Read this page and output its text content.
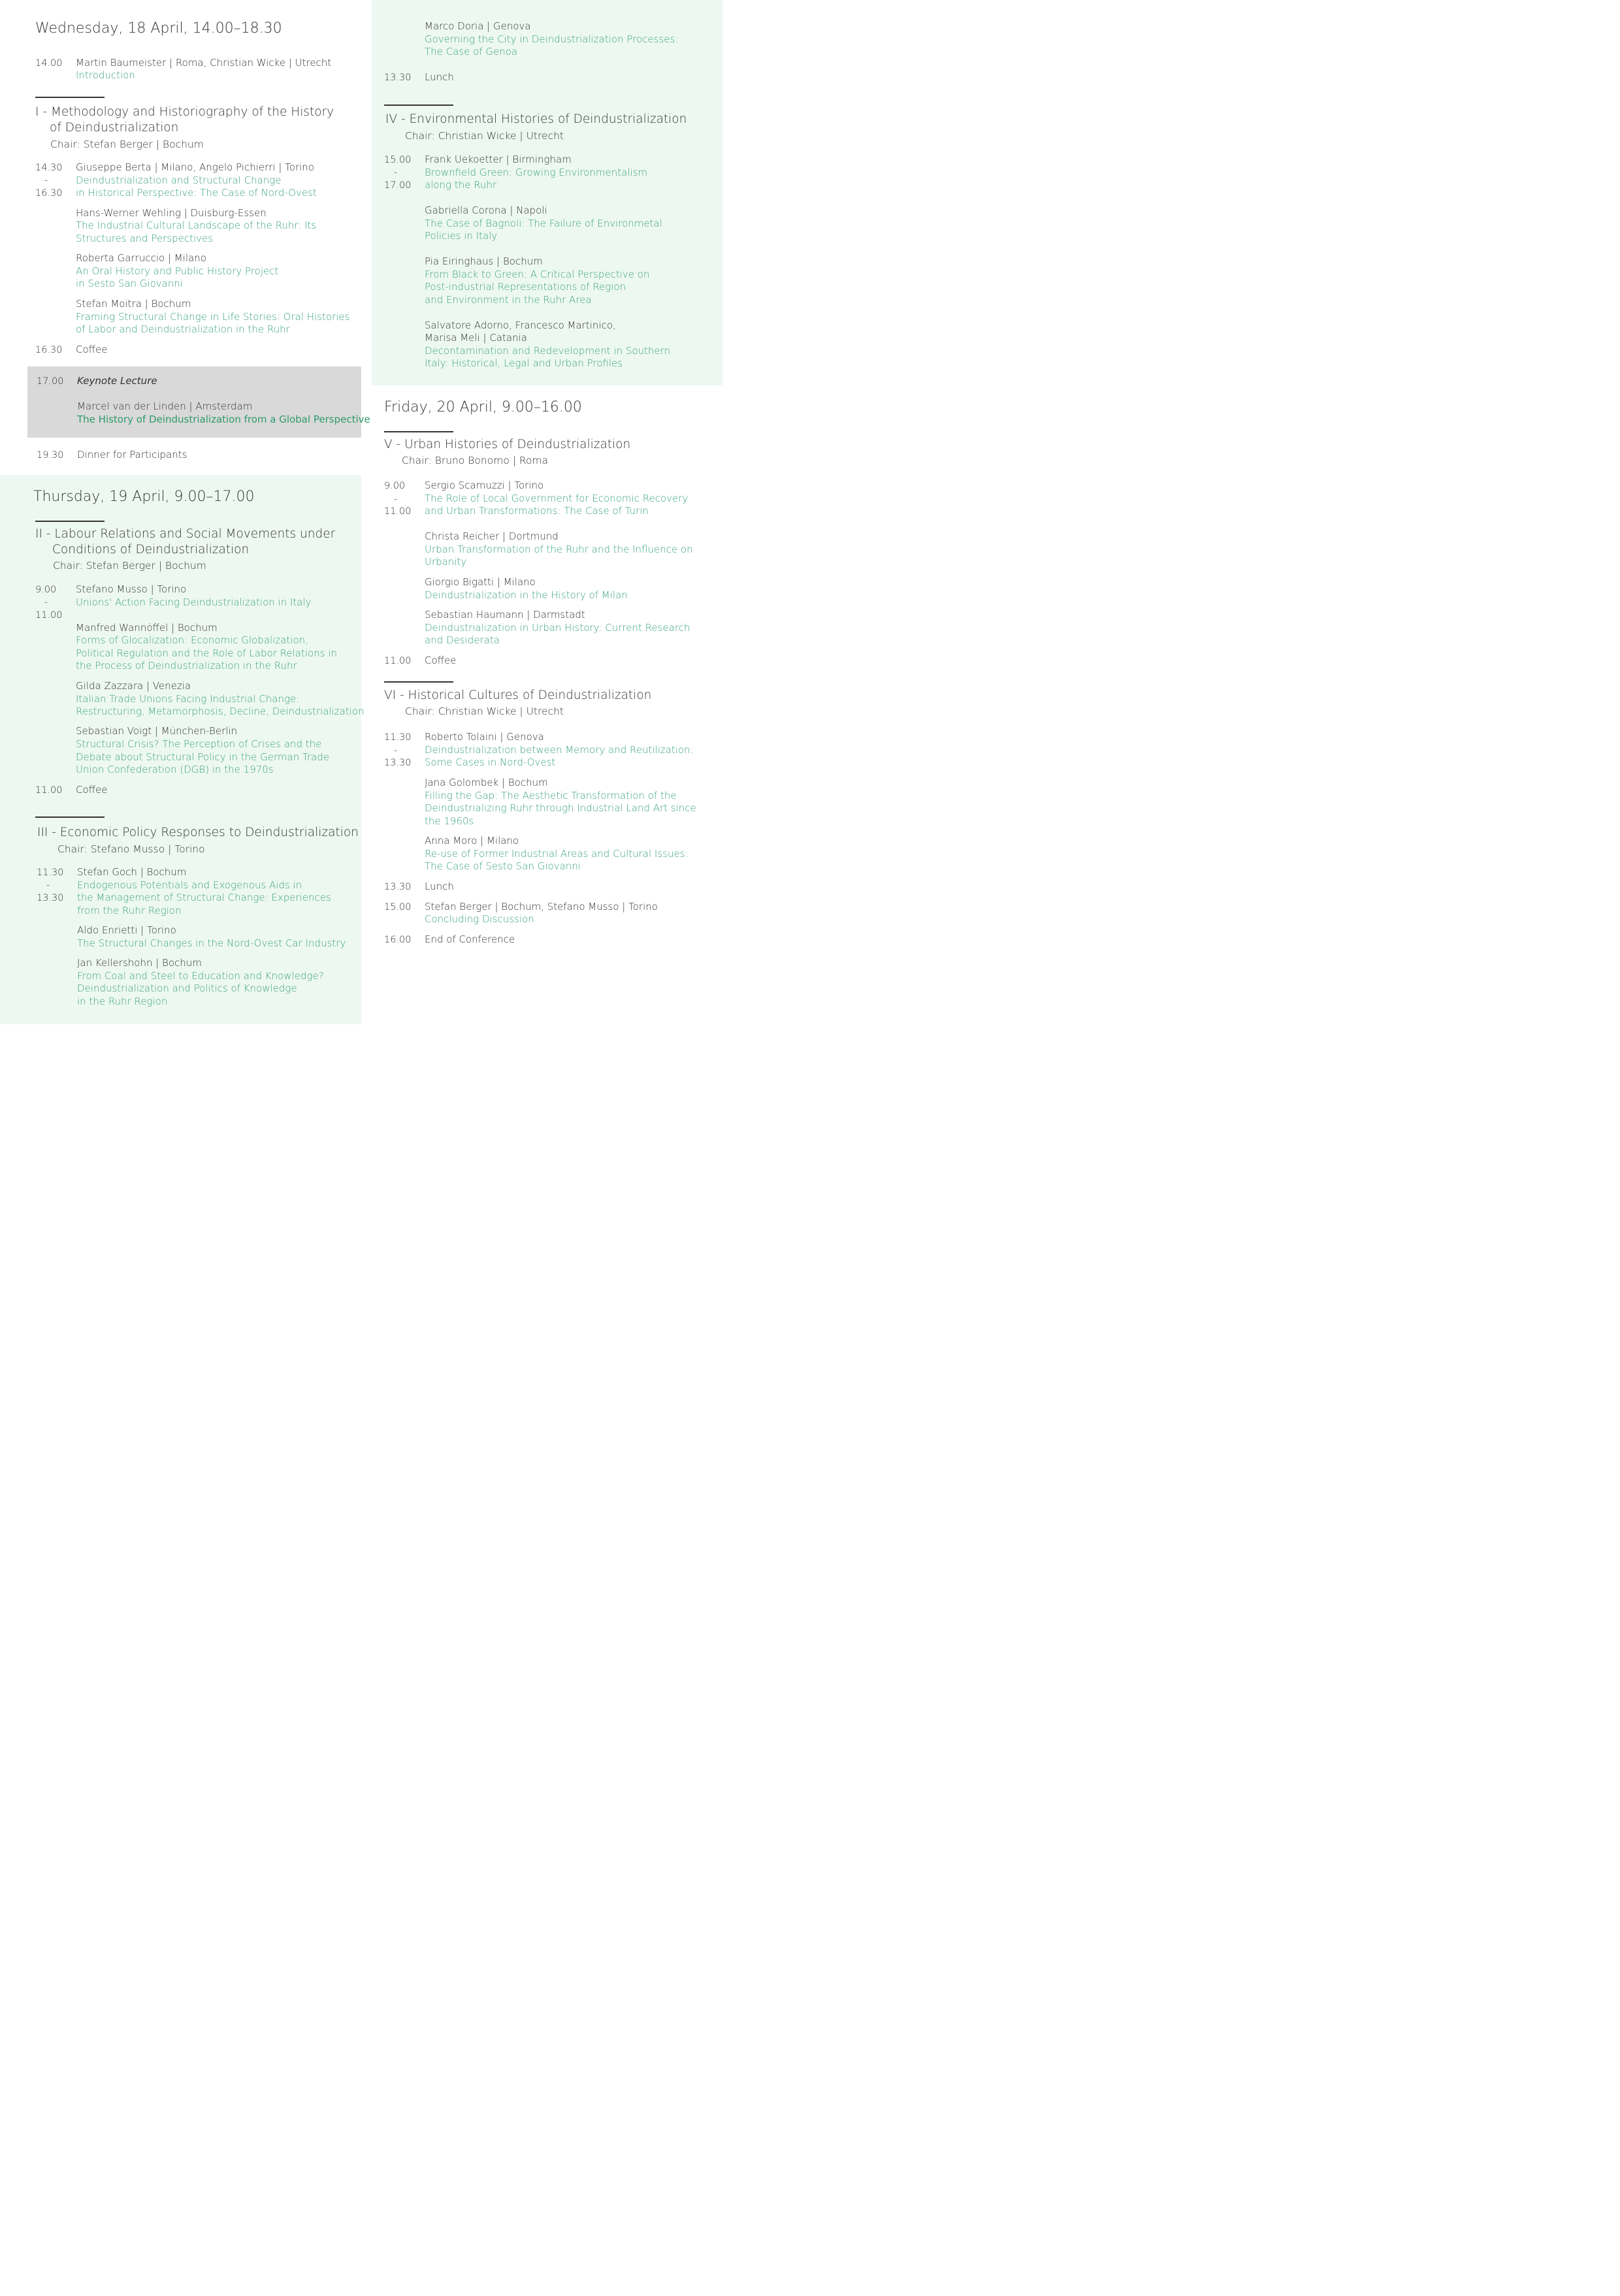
Wednesday, 18 April, 14.00–18.30
14.00 Martin Baumeister | Roma, Christian Wicke | Utrecht
Introduction
I - Methodology and Historiography of the History
of Deindustrialization
Chair: Stefan Berger | Bochum
14.30
-
16.30
Giuseppe Berta | Milano, Angelo Pichierri | Torino
Deindustrialization and Structural Change
in Historical Perspective: The Case of Nord-Ovest
Hans-Werner Wehling | Duisburg-Essen
The Industrial Cultural Landscape of the Ruhr: Its
Structures and Perspectives
Roberta Garruccio | Milano
An Oral History and Public History Project
in Sesto San Giovanni
Stefan Moitra | Bochum
Framing Structural Change in Life Stories: Oral Histories
of Labor and Deindustrialization in the Ruhr
16.30 Coffee
17.00 Keynote Lecture
Marcel van der Linden | Amsterdam
The History of Deindustrialization from a Global Perspective
19.30 Dinner for Participants
Thursday, 19 April, 9.00–17.00
II - Labour Relations and Social Movements under
Conditions of Deindustrialization
Chair: Stefan Berger | Bochum
9.00
-
11.00
Stefano Musso | Torino
Unions' Action Facing Deindustrialization in Italy
Manfred Wannöffel | Bochum
Forms of Glocalization: Economic Globalization,
Political Regulation and the Role of Labor Relations in
the Process of Deindustrialization in the Ruhr
Gilda Zazzara | Venezia
Italian Trade Unions Facing Industrial Change:
Restructuring, Metamorphosis, Decline, Deindustrialization
Sebastian Voigt | München-Berlin
Structural Crisis? The Perception of Crises and the
Debate about Structural Policy in the German Trade
Union Confederation (DGB) in the 1970s
11.00 Coffee
III - Economic Policy Responses to Deindustrialization
Chair: Stefano Musso | Torino
11.30
-
13.30
Stefan Goch | Bochum
Endogenous Potentials and Exogenous Aids in
the Management of Structural Change: Experiences
from the Ruhr Region
Aldo Enrietti | Torino
The Structural Changes in the Nord-Ovest Car Industry
Jan Kellershohn | Bochum
From Coal and Steel to Education and Knowledge?
Deindustrialization and Politics of Knowledge
in the Ruhr Region
Marco Doria | Genova
Governing the City in Deindustrialization Processes:
The Case of Genoa
13.30 Lunch
IV - Environmental Histories of Deindustrialization
Chair: Christian Wicke | Utrecht
15.00
-
17.00
Frank Uekoetter | Birmingham
Brownfield Green: Growing Environmentalism
along the Ruhr
Gabriella Corona | Napoli
The Case of Bagnoli: The Failure of Environmetal
Policies in Italy
Pia Eiringhaus | Bochum
From Black to Green: A Critical Perspective on
Post-industrial Representations of Region
and Environment in the Ruhr Area
Salvatore Adorno, Francesco Martinico,
Marisa Meli | Catania
Decontamination and Redevelopment in Southern
Italy: Historical, Legal and Urban Profiles
Friday, 20 April, 9.00–16.00
V - Urban Histories of Deindustrialization
Chair: Bruno Bonomo | Roma
9.00
-
11.00
Sergio Scamuzzi | Torino
The Role of Local Government for Economic Recovery
and Urban Transformations: The Case of Turin
Christa Reicher | Dortmund
Urban Transformation of the Ruhr and the Influence on
Urbanity
Giorgio Bigatti | Milano
Deindustrialization in the History of Milan
Sebastian Haumann | Darmstadt
Deindustrialization in Urban History: Current Research
and Desiderata
11.00 Coffee
VI - Historical Cultures of Deindustrialization
Chair: Christian Wicke | Utrecht
11.30
-
13.30
Roberto Tolaini | Genova
Deindustrialization between Memory and Reutilization:
Some Cases in Nord-Ovest
Jana Golombek | Bochum
Filling the Gap: The Aesthetic Transformation of the
Deindustrializing Ruhr through Industrial Land Art since
the 1960s
Anna Moro | Milano
Re-use of Former Industrial Areas and Cultural Issues:
The Case of Sesto San Giovanni
13.30 Lunch
15.00 Stefan Berger | Bochum, Stefano Musso | Torino
Concluding Discussion
16.00 End of Conference
